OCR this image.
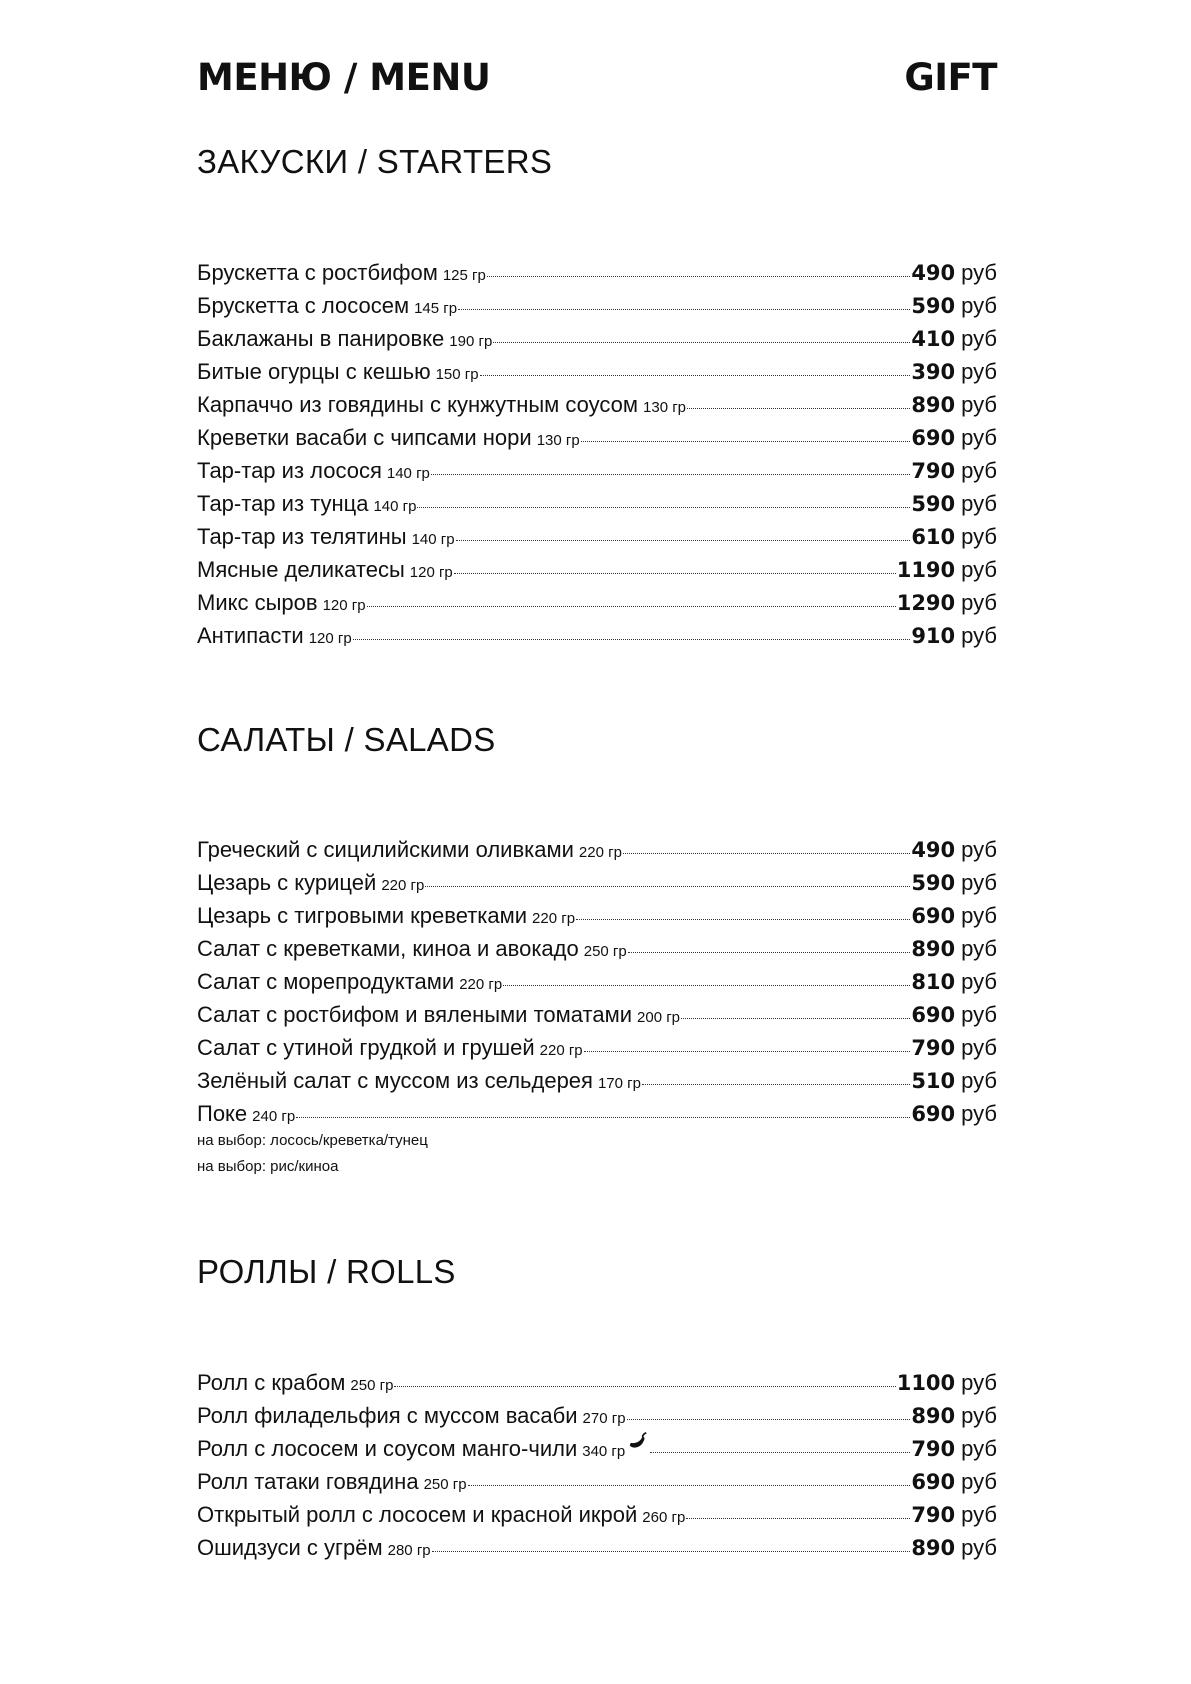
МЕНЮ / MENU	GIFT
ЗАКУСКИ / STARTERS
Брускетта с ростбифом 125 гр	490 руб
Брускетта с лососем 145 гр	590 руб
Баклажаны в панировке 190 гр	410 руб
Битые огурцы с кешью 150 гр	390 руб
Карпаччо из говядины с кунжутным соусом 130 гр	890 руб
Креветки васаби с чипсами нори 130 гр	690 руб
Тар-тар из лосося 140 гр	790 руб
Тар-тар из тунца 140 гр	590 руб
Тар-тар из телятины 140 гр	610 руб
Мясные деликатесы 120 гр	1190 руб
Микс сыров 120 гр	1290 руб
Антипасти 120 гр	910 руб
САЛАТЫ / SALADS
Греческий с сицилийскими оливками 220 гр	490 руб
Цезарь с курицей 220 гр	590 руб
Цезарь с тигровыми креветками 220 гр	690 руб
Салат с креветками, киноа и авокадо 250 гр	890 руб
Салат с морепродуктами 220 гр	810 руб
Салат с ростбифом и вялеными томатами 200 гр	690 руб
Салат с утиной грудкой и грушей 220 гр	790 руб
Зелёный салат с муссом из сельдерея 170 гр	510 руб
Поке 240 гр	690 руб
на выбор: лосось/креветка/тунец
на выбор: рис/киноа
РОЛЛЫ / ROLLS
Ролл с крабом 250 гр	1100 руб
Ролл филадельфия с муссом васаби 270 гр	890 руб
Ролл с лососем и соусом манго-чили 340 гр	790 руб
Ролл татаки говядина 250 гр	690 руб
Открытый ролл с лососем и красной икрой 260 гр	790 руб
Ошидзуси с угрём 280 гр	890 руб
